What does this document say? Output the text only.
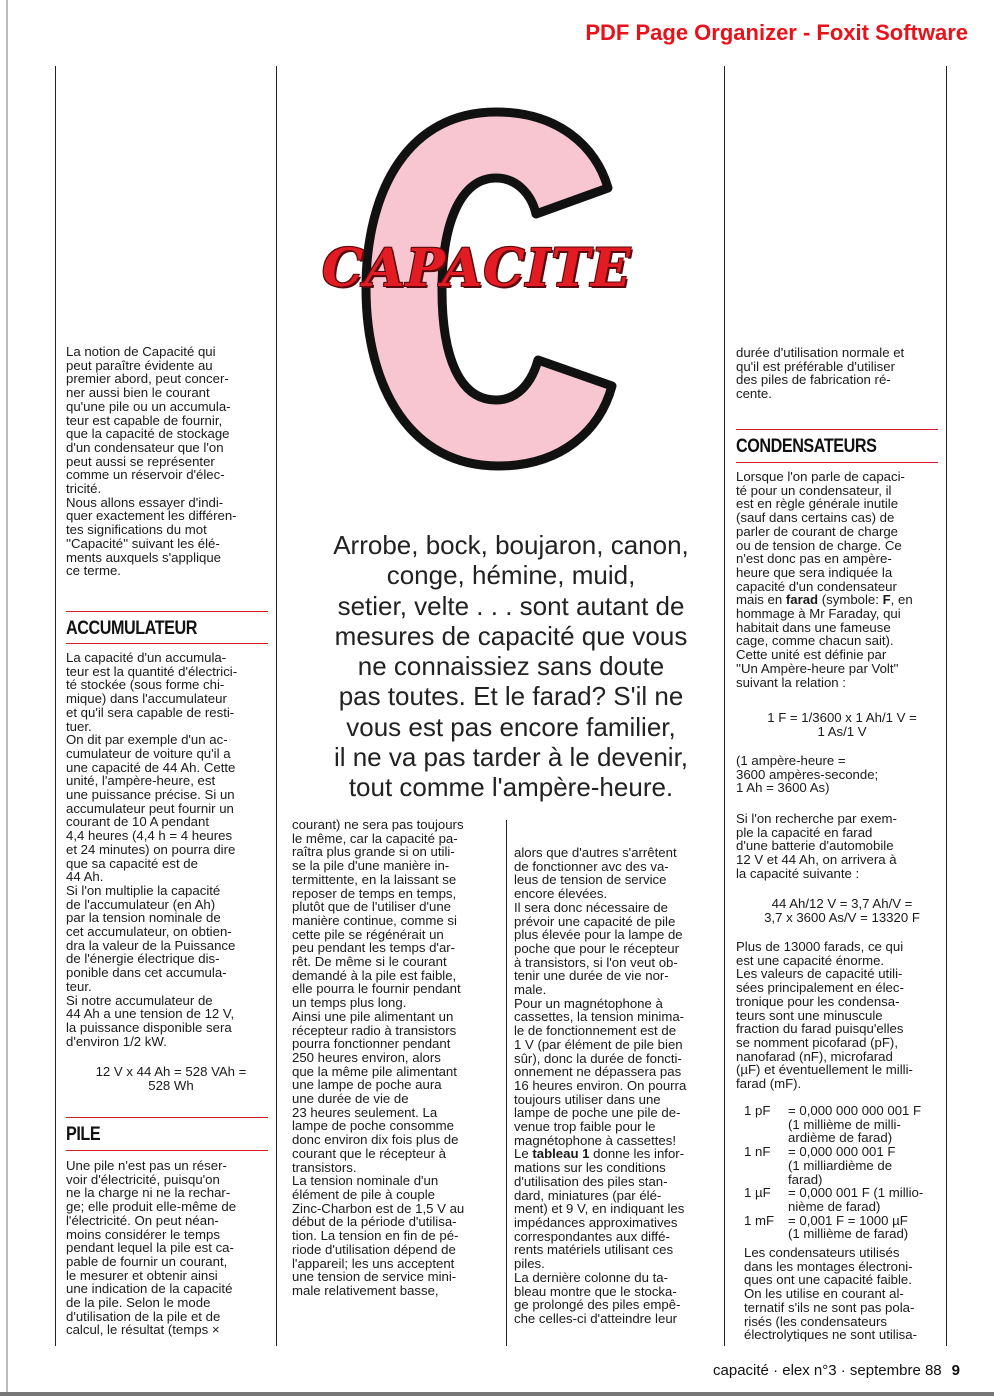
PDF Page Organizer - Foxit Software
CAPACITE
Arrobe, bock, boujaron, canon,
conge, hémine, muid,
setier, velte . . . sont autant de
mesures de capacité que vous
ne connaissiez sans doute
pas toutes. Et le farad? S'il ne
vous est pas encore familier,
il ne va pas tarder à le devenir,
tout comme l'ampère-heure.
La notion de Capacité qui
peut paraître évidente au
premier abord, peut concer-
ner aussi bien le courant
qu'une pile ou un accumula-
teur est capable de fournir,
que la capacité de stockage
d'un condensateur que l'on
peut aussi se représenter
comme un réservoir d'élec-
tricité.
Nous allons essayer d'indi-
quer exactement les différen-
tes significations du mot
''Capacité'' suivant les élé-
ments auxquels s'applique
ce terme.
ACCUMULATEUR
La capacité d'un accumula-
teur est la quantité d'électrici-
té stockée (sous forme chi-
mique) dans l'accumulateur
et qu'il sera capable de resti-
tuer.
On dit par exemple d'un ac-
cumulateur de voiture qu'il a
une capacité de 44 Ah. Cette
unité, l'ampère-heure, est
une puissance précise. Si un
accumulateur peut fournir un
courant de 10 A pendant
4,4 heures (4,4 h = 4 heures
et 24 minutes) on pourra dire
que sa capacité est de
44 Ah.
Si l'on multiplie la capacité
de l'accumulateur (en Ah)
par la tension nominale de
cet accumulateur, on obtien-
dra la valeur de la Puissance
de l'énergie électrique dis-
ponible dans cet accumula-
teur.
Si notre accumulateur de
44 Ah a une tension de 12 V,
la puissance disponible sera
d'environ 1/2 kW.
12 V x 44 Ah = 528 VAh =
528 Wh
PILE
Une pile n'est pas un réser-
voir d'électricité, puisqu'on
ne la charge ni ne la rechar-
ge; elle produit elle-même de
l'électricité. On peut néan-
moins considérer le temps
pendant lequel la pile est ca-
pable de fournir un courant,
le mesurer et obtenir ainsi
une indication de la capacité
de la pile. Selon le mode
d'utilisation de la pile et de
calcul, le résultat (temps ×
courant) ne sera pas toujours
le même, car la capacité pa-
raîtra plus grande si on utili-
se la pile d'une manière in-
termittente, en la laissant se
reposer de temps en temps,
plutôt que de l'utiliser d'une
manière continue, comme si
cette pile se régénérait un
peu pendant les temps d'ar-
rêt. De même si le courant
demandé à la pile est faible,
elle pourra le fournir pendant
un temps plus long.
Ainsi une pile alimentant un
récepteur radio à transistors
pourra fonctionner pendant
250 heures environ, alors
que la même pile alimentant
une lampe de poche aura
une durée de vie de
23 heures seulement. La
lampe de poche consomme
donc environ dix fois plus de
courant que le récepteur à
transistors.
La tension nominale d'un
élément de pile à couple
Zinc-Charbon est de 1,5 V au
début de la période d'utilisa-
tion. La tension en fin de pé-
riode d'utilisation dépend de
l'appareil; les uns acceptent
une tension de service mini-
male relativement basse,
alors que d'autres s'arrêtent
de fonctionner avc des va-
leus de tension de service
encore élevées.
Il sera donc nécessaire de
prévoir une capacité de pile
plus élevée pour la lampe de
poche que pour le récepteur
à transistors, si l'on veut ob-
tenir une durée de vie nor-
male.
Pour un magnétophone à
cassettes, la tension minima-
le de fonctionnement est de
1 V (par élément de pile bien
sûr), donc la durée de foncti-
onnement ne dépassera pas
16 heures environ. On pourra
toujours utiliser dans une
lampe de poche une pile de-
venue trop faible pour le
magnétophone à cassettes!
Le tableau 1 donne les infor-
mations sur les conditions
d'utilisation des piles stan-
dard, miniatures (par élé-
ment) et 9 V, en indiquant les
impédances approximatives
correspondantes aux diffé-
rents matériels utilisant ces
piles.
La dernière colonne du ta-
bleau montre que le stocka-
ge prolongé des piles empê-
che celles-ci d'atteindre leur
durée d'utilisation normale et
qu'il est préférable d'utiliser
des piles de fabrication ré-
cente.
CONDENSATEURS
Lorsque l'on parle de capaci-
té pour un condensateur, il
est en règle générale inutile
(sauf dans certains cas) de
parler de courant de charge
ou de tension de charge. Ce
n'est donc pas en ampère-
heure que sera indiquée la
capacité d'un condensateur
mais en farad (symbole: F, en
hommage à Mr Faraday, qui
habitait dans une fameuse
cage, comme chacun sait).
Cette unité est définie par
''Un Ampère-heure par Volt''
suivant la relation :
1 F = 1/3600 x 1 Ah/1 V =
1 As/1 V
(1 ampère-heure =
3600 ampères-seconde;
1 Ah = 3600 As)
Si l'on recherche par exem-
ple la capacité en farad
d'une batterie d'automobile
12 V et 44 Ah, on arrivera à
la capacité suivante :
44 Ah/12 V = 3,7 Ah/V =
3,7 x 3600 As/V = 13320 F
Plus de 13000 farads, ce qui
est une capacité énorme.
Les valeurs de capacité utili-
sées principalement en élec-
tronique pour les condensa-
teurs sont une minuscule
fraction du farad puisqu'elles
se nomment picofarad (pF),
nanofarad (nF), microfarad
(µF) et éventuellement le milli-
farad (mF).
1 pF	= 0,000 000 000 001 F
(1 millième de milli-
ardième de farad)
1 nF	= 0,000 000 001 F
(1 milliardième de
farad)
1 µF	= 0,000 001 F (1 millio-
nième de farad)
1 mF	= 0,001 F = 1000 µF
(1 millième de farad)
Les condensateurs utilisés
dans les montages électroni-
ques ont une capacité faible.
On les utilise en courant al-
ternatif s'ils ne sont pas pola-
risés (les condensateurs
électrolytiques ne sont utilisa-
capacité · elex n°3 · septembre 88 9
